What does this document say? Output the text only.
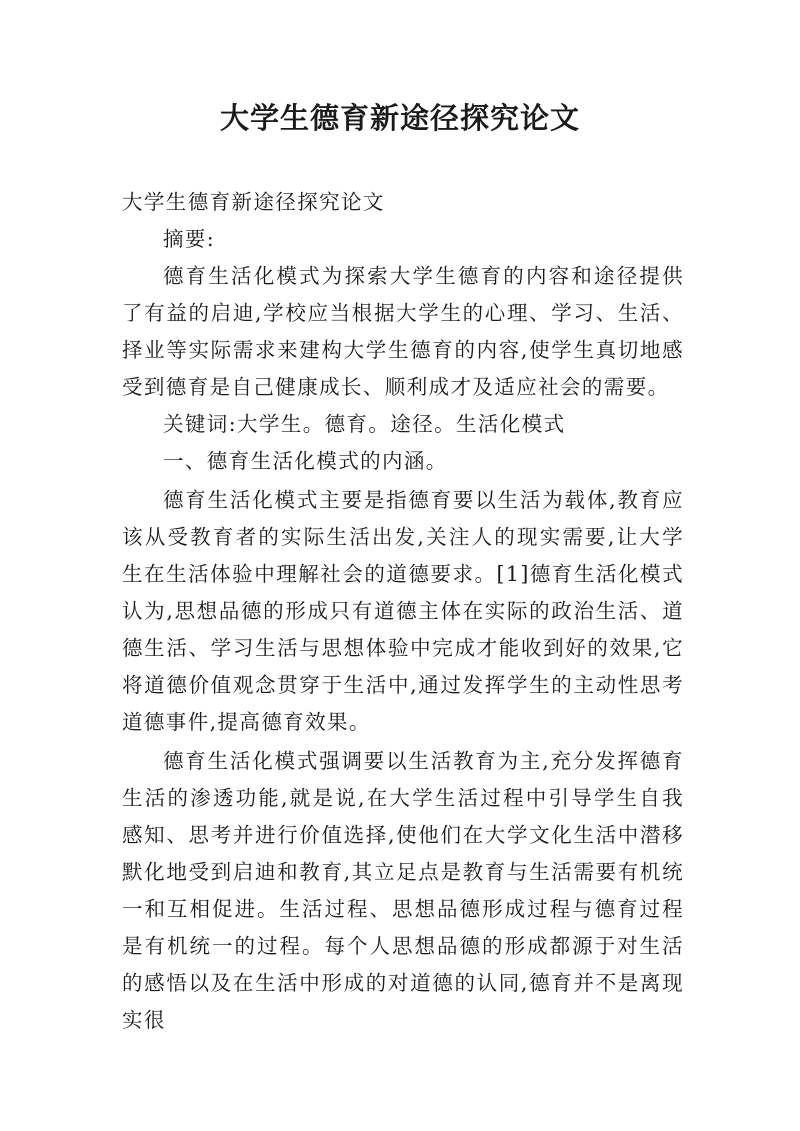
大学生德育新途径探究论文

大学生德育新途径探究论文

摘要:

德育生活化模式为探索大学生德育的内容和途径提供了有益的启迪,学校应当根据大学生的心理、学习、生活、择业等实际需求来建构大学生德育的内容,使学生真切地感受到德育是自己健康成长、顺利成才及适应社会的需要。

关键词:大学生。德育。途径。生活化模式

一、德育生活化模式的内涵。

德育生活化模式主要是指德育要以生活为载体,教育应该从受教育者的实际生活出发,关注人的现实需要,让大学生在生活体验中理解社会的道德要求。[1]德育生活化模式认为,思想品德的形成只有道德主体在实际的政治生活、道德生活、学习生活与思想体验中完成才能收到好的效果,它将道德价值观念贯穿于生活中,通过发挥学生的主动性思考道德事件,提高德育效果。

德育生活化模式强调要以生活教育为主,充分发挥德育生活的渗透功能,就是说,在大学生活过程中引导学生自我感知、思考并进行价值选择,使他们在大学文化生活中潜移默化地受到启迪和教育,其立足点是教育与生活需要有机统一和互相促进。生活过程、思想品德形成过程与德育过程是有机统一的过程。每个人思想品德的形成都源于对生活的感悟以及在生活中形成的对道德的认同,德育并不是离现实很
